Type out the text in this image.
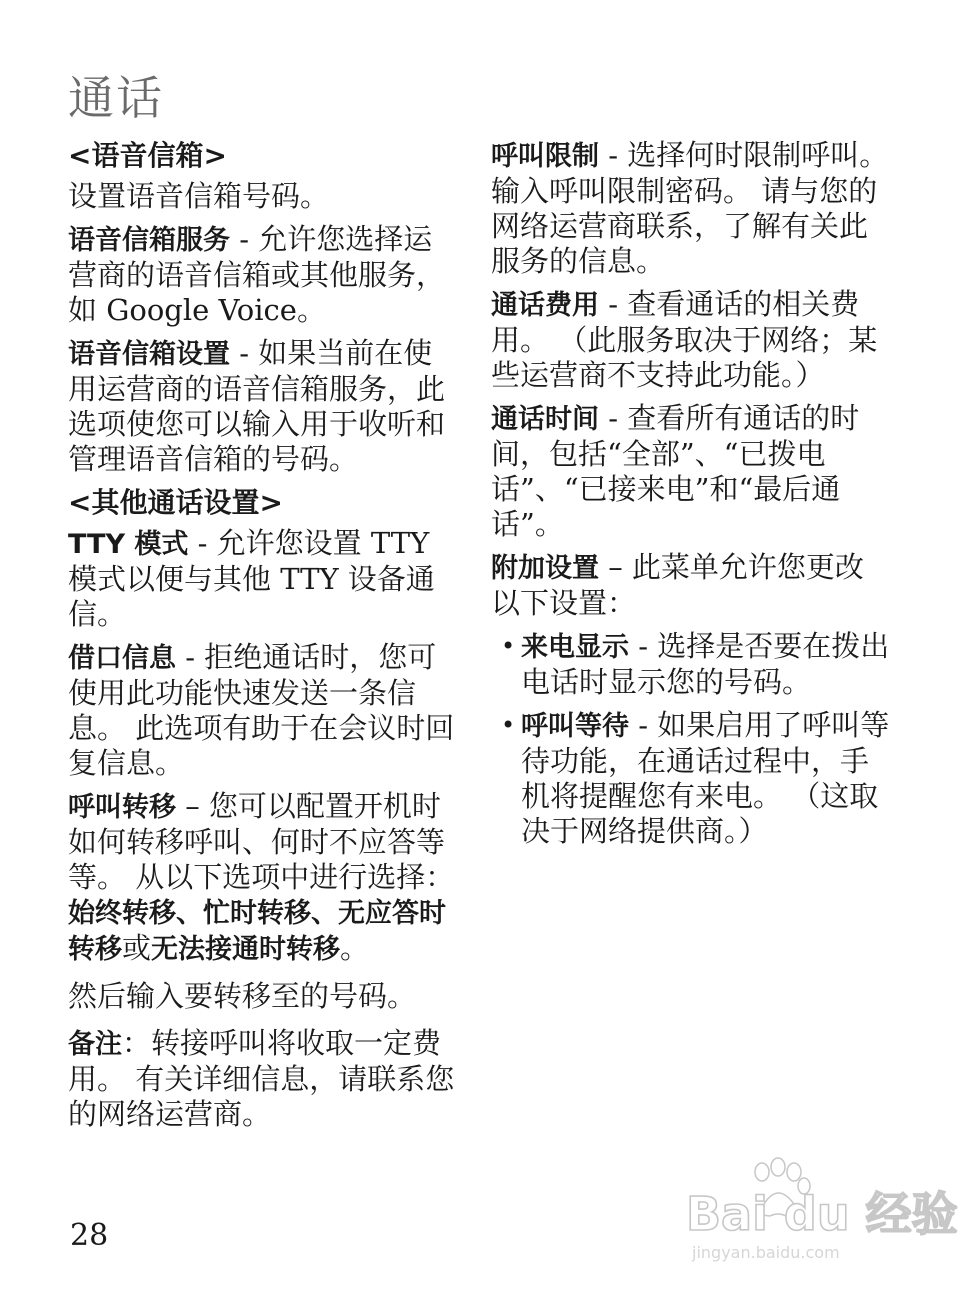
通话
<语音信箱>

设置语音信箱号码。

语音信箱服务 - 允许您选择运营商的语音信箱或其他服务，如 Google Voice。

语音信箱设置 - 如果当前在使用运营商的语音信箱服务，此选项使您可以输入用于收听和管理语音信箱的号码。

<其他通话设置>

TTY 模式 - 允许您设置 TTY 模式以便与其他 TTY 设备通信。

借口信息 - 拒绝通话时，您可使用此功能快速发送一条信息。 此选项有助于在会议时回复信息。

呼叫转移 – 您可以配置开机时如何转移呼叫、何时不应答等等。 从以下选项中进行选择：始终转移、忙时转移、无应答时转移或无法接通时转移。

然后输入要转移至的号码。

备注：转接呼叫将收取一定费用。 有关详细信息，请联系您的网络运营商。

呼叫限制 - 选择何时限制呼叫。 输入呼叫限制密码。 请与您的网络运营商联系，了解有关此服务的信息。

通话费用 - 查看通话的相关费用。 （此服务取决于网络；某些运营商不支持此功能。）

通话时间 - 查看所有通话的时间，包括“全部”、“已拨电话”、“已接来电”和“最后通话”。

附加设置 – 此菜单允许您更改以下设置：

• 来电显示 - 选择是否要在拨出电话时显示您的号码。

• 呼叫等待 - 如果启用了呼叫等待功能，在通话过程中，手机将提醒您有来电。 （这取决于网络提供商。）

28	Bai du 经验
jingyan.baidu.com
